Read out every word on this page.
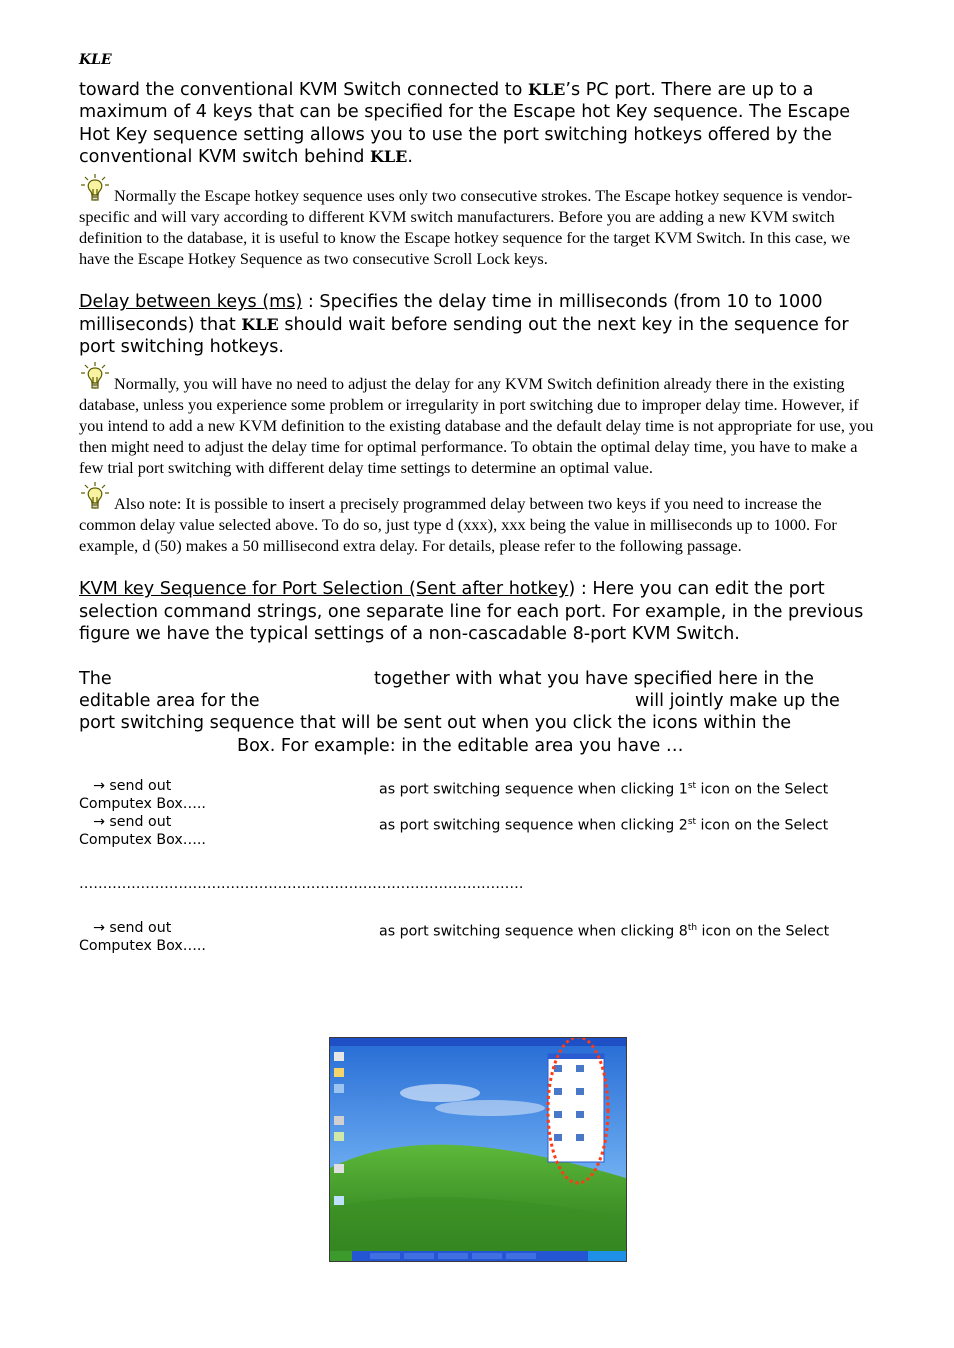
KLE

toward the conventional KVM Switch connected to KLE’s PC port. There are up to a maximum of 4 keys that can be specified for the Escape hot Key sequence. The Escape Hot Key sequence setting allows you to use the port switching hotkeys offered by the conventional KVM switch behind KLE.

Normally the Escape hotkey sequence uses only two consecutive strokes. The Escape hotkey sequence is vendor-specific and will vary according to different KVM switch manufacturers. Before you are adding a new KVM switch definition to the database, it is useful to know the Escape hotkey sequence for the target KVM Switch. In this case, we have the Escape Hotkey Sequence as two consecutive Scroll Lock keys.

Delay between keys (ms) : Specifies the delay time in milliseconds (from 10 to 1000 milliseconds) that KLE should wait before sending out the next key in the sequence for port switching hotkeys.

Normally, you will have no need to adjust the delay for any KVM Switch definition already there in the existing database, unless you experience some problem or irregularity in port switching due to improper delay time. However, if you intend to add a new KVM definition to the existing database and the default delay time is not appropriate for use, you then might need to adjust the delay time for optimal performance. To obtain the optimal delay time, you have to make a few trial port switching with different delay time settings to determine an optimal value.

Also note: It is possible to insert a precisely programmed delay between two keys if you need to increase the common delay value selected above. To do so, just type d (xxx), xxx being the value in milliseconds up to 1000. For example, d (50) makes a 50 millisecond extra delay. For details, please refer to the following passage.

KVM key Sequence for Port Selection (Sent after hotkey) : Here you can edit the port selection command strings, one separate line for each port. For example, in the previous figure we have the typical settings of a non-cascadable 8-port KVM Switch.

The	together with what you have specified here in the
editable area for the	will jointly make up the
port switching sequence that will be sent out when you click the icons within the
Box. For example: in the editable area you have …
→ send out	as port switching sequence when clicking 1st icon on the Select
Computex Box…..
→ send out	as port switching sequence when clicking 2st icon on the Select
Computex Box…..
………………………………………………………………………………….
→ send out	as port switching sequence when clicking 8th icon on the Select
Computex Box…..
